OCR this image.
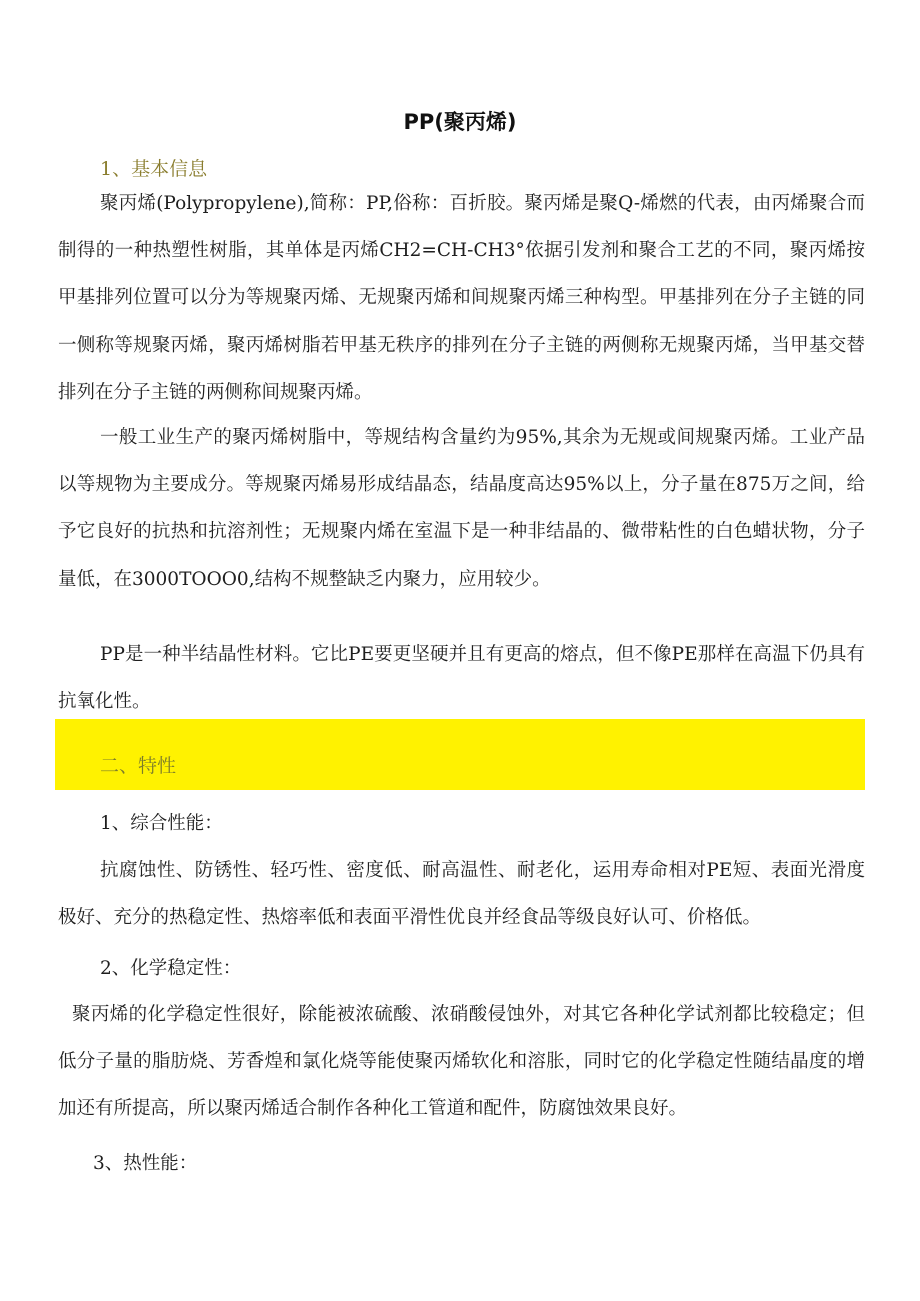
PP(聚丙烯)
1、基本信息

聚丙烯(Polypropylene),简称：PP,俗称：百折胶。聚丙烯是聚Q-烯燃的代表，由丙烯聚合而制得的一种热塑性树脂，其单体是丙烯CH2=CH-CH3°依据引发剂和聚合工艺的不同，聚丙烯按甲基排列位置可以分为等规聚丙烯、无规聚丙烯和间规聚丙烯三种构型。甲基排列在分子主链的同一侧称等规聚丙烯，聚丙烯树脂若甲基无秩序的排列在分子主链的两侧称无规聚丙烯，当甲基交替排列在分子主链的两侧称间规聚丙烯。

一般工业生产的聚丙烯树脂中，等规结构含量约为95%,其余为无规或间规聚丙烯。工业产品以等规物为主要成分。等规聚丙烯易形成结晶态，结晶度高达95%以上，分子量在875万之间，给予它良好的抗热和抗溶剂性；无规聚内烯在室温下是一种非结晶的、微带粘性的白色蜡状物，分子量低，在3000TOOO0,结构不规整缺乏内聚力，应用较少。

PP是一种半结晶性材料。它比PE要更坚硬并且有更高的熔点，但不像PE那样在高温下仍具有抗氧化性。

二、特性
1、综合性能：

抗腐蚀性、防锈性、轻巧性、密度低、耐高温性、耐老化，运用寿命相对PE短、表面光滑度极好、充分的热稳定性、热熔率低和表面平滑性优良并经食品等级良好认可、价格低。

2、化学稳定性：

聚丙烯的化学稳定性很好，除能被浓硫酸、浓硝酸侵蚀外，对其它各种化学试剂都比较稳定；但低分子量的脂肪烧、芳香煌和氯化烧等能使聚丙烯软化和溶胀，同时它的化学稳定性随结晶度的增加还有所提高，所以聚丙烯适合制作各种化工管道和配件，防腐蚀效果良好。

3、热性能：
